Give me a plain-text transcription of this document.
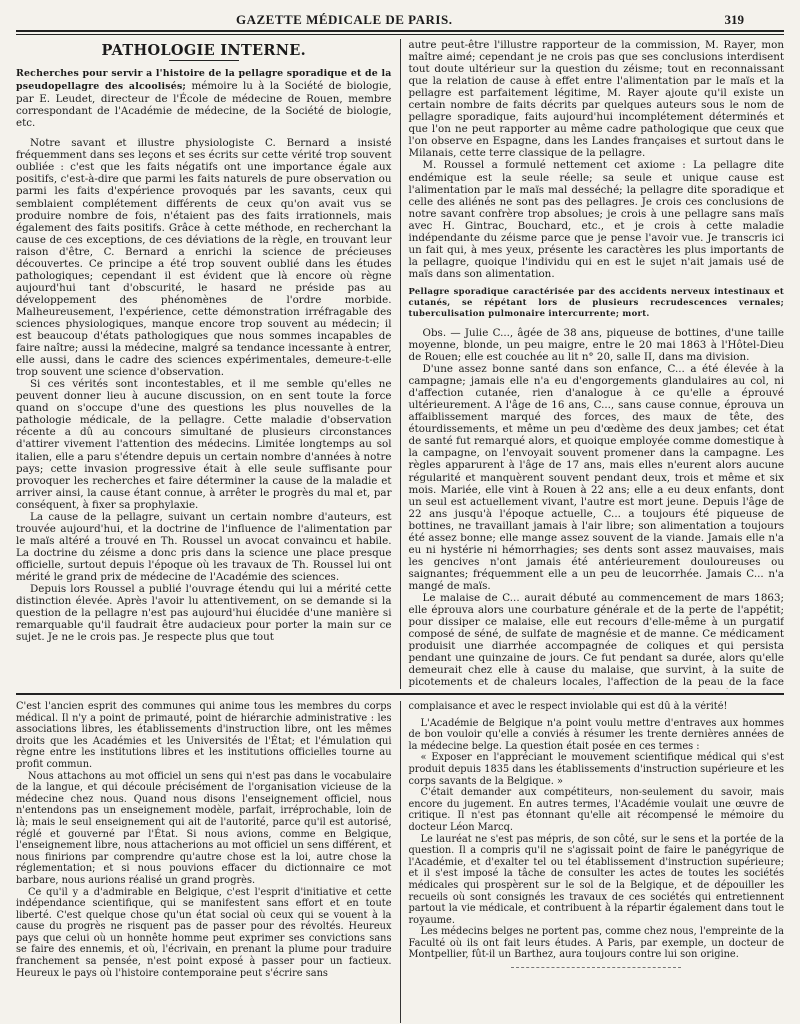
GAZETTE MÉDICALE DE PARIS.	319
PATHOLOGIE INTERNE.

Recherches pour servir a l'histoire de la pellagre sporadique et de la pseudopellagre des alcoolisés; mémoire lu à la Société de biologie, par E. Leudet, directeur de l'École de médecine de Rouen, membre correspondant de l'Académie de médecine, de la Société de biologie, etc.

Notre savant et illustre physiologiste C. Bernard a insisté fréquemment dans ses leçons et ses écrits sur cette vérité trop souvent oubliée : c'est que les faits négatifs ont une importance égale aux positifs, c'est-à-dire que parmi les faits naturels de pure observation ou parmi les faits d'expérience provoqués par les savants, ceux qui semblaient complétement différents de ceux qu'on avait vus se produire nombre de fois, n'étaient pas des faits irrationnels, mais également des faits positifs. Grâce à cette méthode, en recherchant la cause de ces exceptions, de ces déviations de la règle, en trouvant leur raison d'être, C. Bernard a enrichi la science de précieuses découvertes. Ce principe a été trop souvent oublié dans les études pathologiques; cependant il est évident que là encore où règne aujourd'hui tant d'obscurité, le hasard ne préside pas au développement des phénomènes de l'ordre morbide. Malheureusement, l'expérience, cette démonstration irréfragable des sciences physiologiques, manque encore trop souvent au médecin; il est beaucoup d'états pathologiques que nous sommes incapables de faire naître; aussi la médecine, malgré sa tendance incessante à entrer, elle aussi, dans le cadre des sciences expérimentales, demeure-t-elle trop souvent une science d'observation.

Si ces vérités sont incontestables, et il me semble qu'elles ne peuvent donner lieu à aucune discussion, on en sent toute la force quand on s'occupe d'une des questions les plus nouvelles de la pathologie médicale, de la pellagre. Cette maladie d'observation récente a dû au concours simultané de plusieurs circonstances d'attirer vivement l'attention des médecins. Limitée longtemps au sol italien, elle a paru s'étendre depuis un certain nombre d'années à notre pays; cette invasion progressive était à elle seule suffisante pour provoquer les recherches et faire déterminer la cause de la maladie et arriver ainsi, la cause étant connue, à arrêter le progrès du mal et, par conséquent, à fixer sa prophylaxie.

La cause de la pellagre, suivant un certain nombre d'auteurs, est trouvée aujourd'hui, et la doctrine de l'influence de l'alimentation par le maïs altéré a trouvé en Th. Roussel un avocat convaincu et habile. La doctrine du zéisme a donc pris dans la science une place presque officielle, surtout depuis l'époque où les travaux de Th. Roussel lui ont mérité le grand prix de médecine de l'Académie des sciences.

Depuis lors Roussel a publié l'ouvrage étendu qui lui a mérité cette distinction élevée. Après l'avoir lu attentivement, on se demande si la question de la pellagre n'est pas aujourd'hui élucidée d'une manière si remarquable qu'il faudrait être audacieux pour porter la main sur ce sujet. Je ne le crois pas. Je respecte plus que tout

autre peut-être l'illustre rapporteur de la commission, M. Rayer, mon maître aimé; cependant je ne crois pas que ses conclusions interdisent tout doute ultérieur sur la question du zéisme; tout en reconnaissant que la relation de cause à effet entre l'alimentation par le maïs et la pellagre est parfaitement légitime, M. Rayer ajoute qu'il existe un certain nombre de faits décrits par quelques auteurs sous le nom de pellagre sporadique, faits aujourd'hui incomplétement déterminés et que l'on ne peut rapporter au même cadre pathologique que ceux que l'on observe en Espagne, dans les Landes françaises et surtout dans le Milanais, cette terre classique de la pellagre.

M. Roussel a formulé nettement cet axiome : La pellagre dite endémique est la seule réelle; sa seule et unique cause est l'alimentation par le maïs mal desséché; la pellagre dite sporadique et celle des aliénés ne sont pas des pellagres. Je crois ces conclusions de notre savant confrère trop absolues; je crois à une pellagre sans maïs avec H. Gintrac, Bouchard, etc., et je crois à cette maladie indépendante du zéisme parce que je pense l'avoir vue. Je transcris ici un fait qui, à mes yeux, présente les caractères les plus importants de la pellagre, quoique l'individu qui en est le sujet n'ait jamais usé de maïs dans son alimentation.

Pellagre sporadique caractérisée par des accidents nerveux intestinaux et cutanés, se répétant lors de plusieurs recrudescences vernales; tuberculisation pulmonaire intercurrente; mort.

Obs. — Julie C..., âgée de 38 ans, piqueuse de bottines, d'une taille moyenne, blonde, un peu maigre, entre le 20 mai 1863 à l'Hôtel-Dieu de Rouen; elle est couchée au lit n° 20, salle II, dans ma division.

D'une assez bonne santé dans son enfance, C... a été élevée à la campagne; jamais elle n'a eu d'engorgements glandulaires au col, ni d'affection cutanée, rien d'analogue à ce qu'elle a éprouvé ultérieurement. A l'âge de 16 ans, C..., sans cause connue, éprouva un affaiblissement marqué des forces, des maux de tête, des étourdissements, et même un peu d'œdème des deux jambes; cet état de santé fut remarqué alors, et quoique employée comme domestique à la campagne, on l'envoyait souvent promener dans la campagne. Les règles apparurent à l'âge de 17 ans, mais elles n'eurent alors aucune régularité et manquèrent souvent pendant deux, trois et même et six mois. Mariée, elle vint à Rouen à 22 ans; elle a eu deux enfants, dont un seul est actuellement vivant, l'autre est mort jeune. Depuis l'âge de 22 ans jusqu'à l'époque actuelle, C... a toujours été piqueuse de bottines, ne travaillant jamais à l'air libre; son alimentation a toujours été assez bonne; elle mange assez souvent de la viande. Jamais elle n'a eu ni hystérie ni hémorrhagies; ses dents sont assez mauvaises, mais les gencives n'ont jamais été antérieurement douloureuses ou saignantes; fréquemment elle a un peu de leucorrhée. Jamais C... n'a mangé de maïs.

Le malaise de C... aurait débuté au commencement de mars 1863; elle éprouva alors une courbature générale et de la perte de l'appétit; pour dissiper ce malaise, elle eut recours d'elle-même à un purgatif composé de séné, de sulfate de magnésie et de manne. Ce médicament produisit une diarrhée accompagnée de coliques et qui persista pendant une quinzaine de jours. Ce fut pendant sa durée, alors qu'elle demeurait chez elle à cause du malaise, que survint, à la suite de picotements et de chaleurs locales, l'affection de la peau de la face

C'est l'ancien esprit des communes qui anime tous les membres du corps médical. Il n'y a point de primauté, point de hiérarchie administrative : les associations libres, les établissements d'instruction libre, ont les mêmes droits que les Académies et les Universités de l'État; et l'émulation qui règne entre les institutions libres et les institutions officielles tourne au profit commun.

Nous attachons au mot officiel un sens qui n'est pas dans le vocabulaire de la langue, et qui découle précisément de l'organisation vicieuse de la médecine chez nous. Quand nous disons l'enseignement officiel, nous n'entendons pas un enseignement modèle, parfait, irréprochable, loin de là; mais le seul enseignement qui ait de l'autorité, parce qu'il est autorisé, réglé et gouverné par l'État. Si nous avions, comme en Belgique, l'enseignement libre, nous attacherions au mot officiel un sens différent, et nous finirions par comprendre qu'autre chose est la loi, autre chose la réglementation; et si nous pouvions effacer du dictionnaire ce mot barbare, nous aurions réalisé un grand progrès.

Ce qu'il y a d'admirable en Belgique, c'est l'esprit d'initiative et cette indépendance scientifique, qui se manifestent sans effort et en toute liberté. C'est quelque chose qu'un état social où ceux qui se vouent à la cause du progrès ne risquent pas de passer pour des révoltés. Heureux pays que celui où un honnête homme peut exprimer ses convictions sans se faire des ennemis, et où, l'écrivain, en prenant la plume pour traduire franchement sa pensée, n'est point exposé à passer pour un factieux. Heureux le pays où l'histoire contemporaine peut s'écrire sans

complaisance et avec le respect inviolable qui est dû à la vérité!

L'Académie de Belgique n'a point voulu mettre d'entraves aux hommes de bon vouloir qu'elle a conviés à résumer les trente dernières années de la médecine belge. La question était posée en ces termes :

« Exposer en l'appréciant le mouvement scientifique médical qui s'est produit depuis 1835 dans les établissements d'instruction supérieure et les corps savants de la Belgique. »

C'était demander aux compétiteurs, non-seulement du savoir, mais encore du jugement. En autres termes, l'Académie voulait une œuvre de critique. Il n'est pas étonnant qu'elle ait récompensé le mémoire du docteur Léon Marcq.

Le lauréat ne s'est pas mépris, de son côté, sur le sens et la portée de la question. Il a compris qu'il ne s'agissait point de faire le panégyrique de l'Académie, et d'exalter tel ou tel établissement d'instruction supérieure; et il s'est imposé la tâche de consulter les actes de toutes les sociétés médicales qui prospèrent sur le sol de la Belgique, et de dépouiller les recueils où sont consignés les travaux de ces sociétés qui entretiennent partout la vie médicale, et contribuent à la répartir également dans tout le royaume.

Les médecins belges ne portent pas, comme chez nous, l'empreinte de la Faculté où ils ont fait leurs études. A Paris, par exemple, un docteur de Montpellier, fût-il un Barthez, aura toujours contre lui son origine.
